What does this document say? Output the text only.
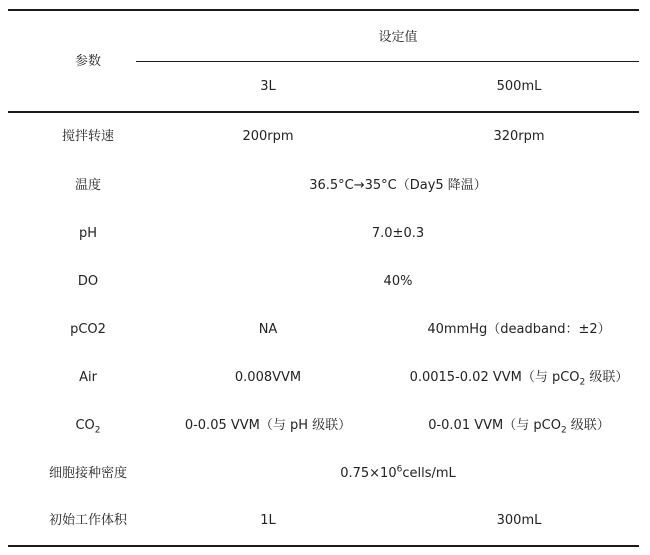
参数
设定值
3L	500mL
搅拌转速	200rpm	320rpm
温度	36.5°C→35°C（Day5 降温）
pH	7.0±0.3
DO	40%
pCO2	NA	40mmHg（deadband：±2）
Air	0.008VVM	0.0015-0.02 VVM（与 pCO$_2$ 级联）
$CO_2$	0-0.05 VVM（与 pH 级联）	0-0.01 VVM（与 pCO$_2$ 级联）
细胞接种密度	$0.75\times 10^6cells/mL$
初始工作体积	1L	300mL
